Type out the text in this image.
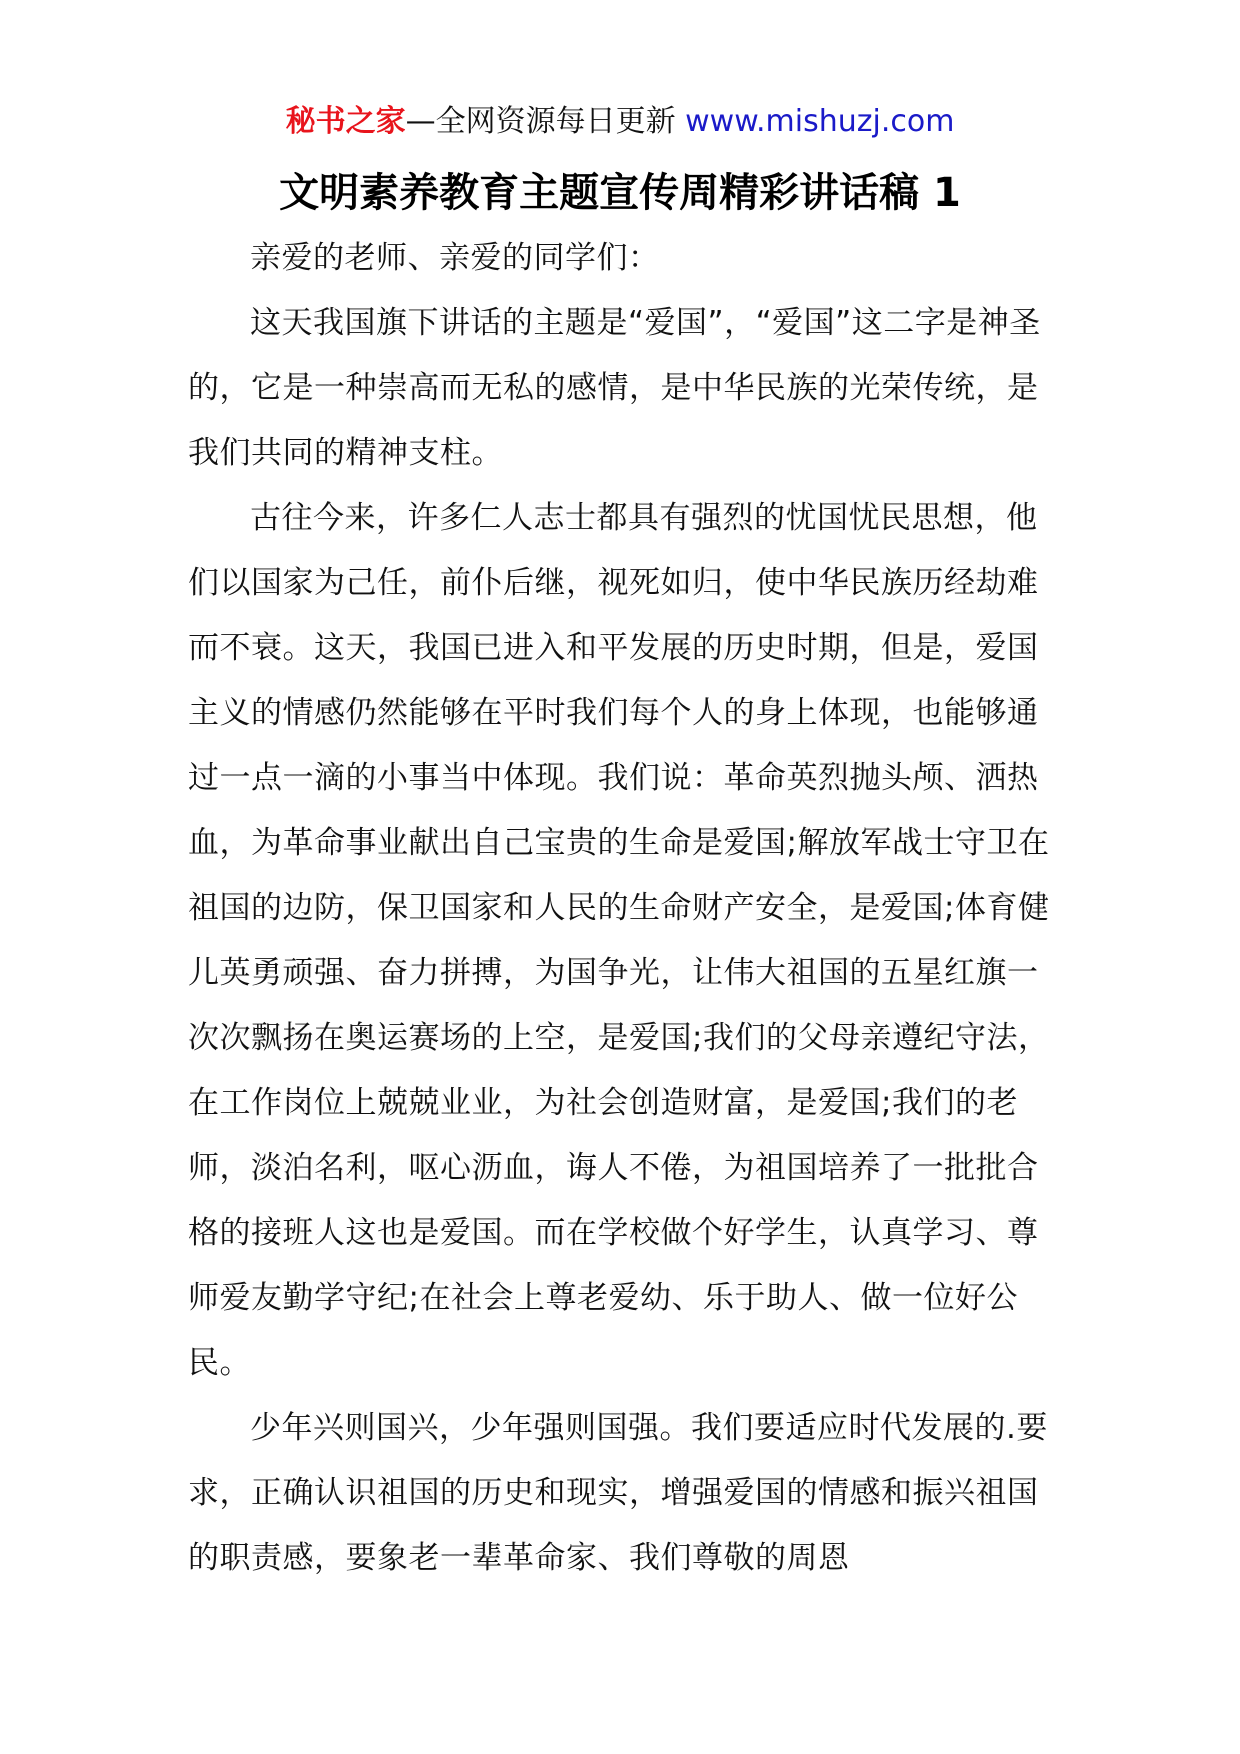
秘书之家—全网资源每日更新 www.mishuzj.com
文明素养教育主题宣传周精彩讲话稿 1

亲爱的老师、亲爱的同学们：

这天我国旗下讲话的主题是“爱国”，“爱国”这二字是神圣的，它是一种崇高而无私的感情，是中华民族的光荣传统，是我们共同的精神支柱。

古往今来，许多仁人志士都具有强烈的忧国忧民思想，他们以国家为己任，前仆后继，视死如归，使中华民族历经劫难而不衰。这天，我国已进入和平发展的历史时期，但是，爱国主义的情感仍然能够在平时我们每个人的身上体现，也能够通过一点一滴的小事当中体现。我们说：革命英烈抛头颅、洒热血，为革命事业献出自己宝贵的生命是爱国;解放军战士守卫在祖国的边防，保卫国家和人民的生命财产安全，是爱国;体育健儿英勇顽强、奋力拼搏，为国争光，让伟大祖国的五星红旗一次次飘扬在奥运赛场的上空，是爱国;我们的父母亲遵纪守法，在工作岗位上兢兢业业，为社会创造财富，是爱国;我们的老师，淡泊名利，呕心沥血，诲人不倦，为祖国培养了一批批合格的接班人这也是爱国。而在学校做个好学生，认真学习、尊师爱友勤学守纪;在社会上尊老爱幼、乐于助人、做一位好公民。

少年兴则国兴，少年强则国强。我们要适应时代发展的.要求，正确认识祖国的历史和现实，增强爱国的情感和振兴祖国的职责感，要象老一辈革命家、我们尊敬的周恩
